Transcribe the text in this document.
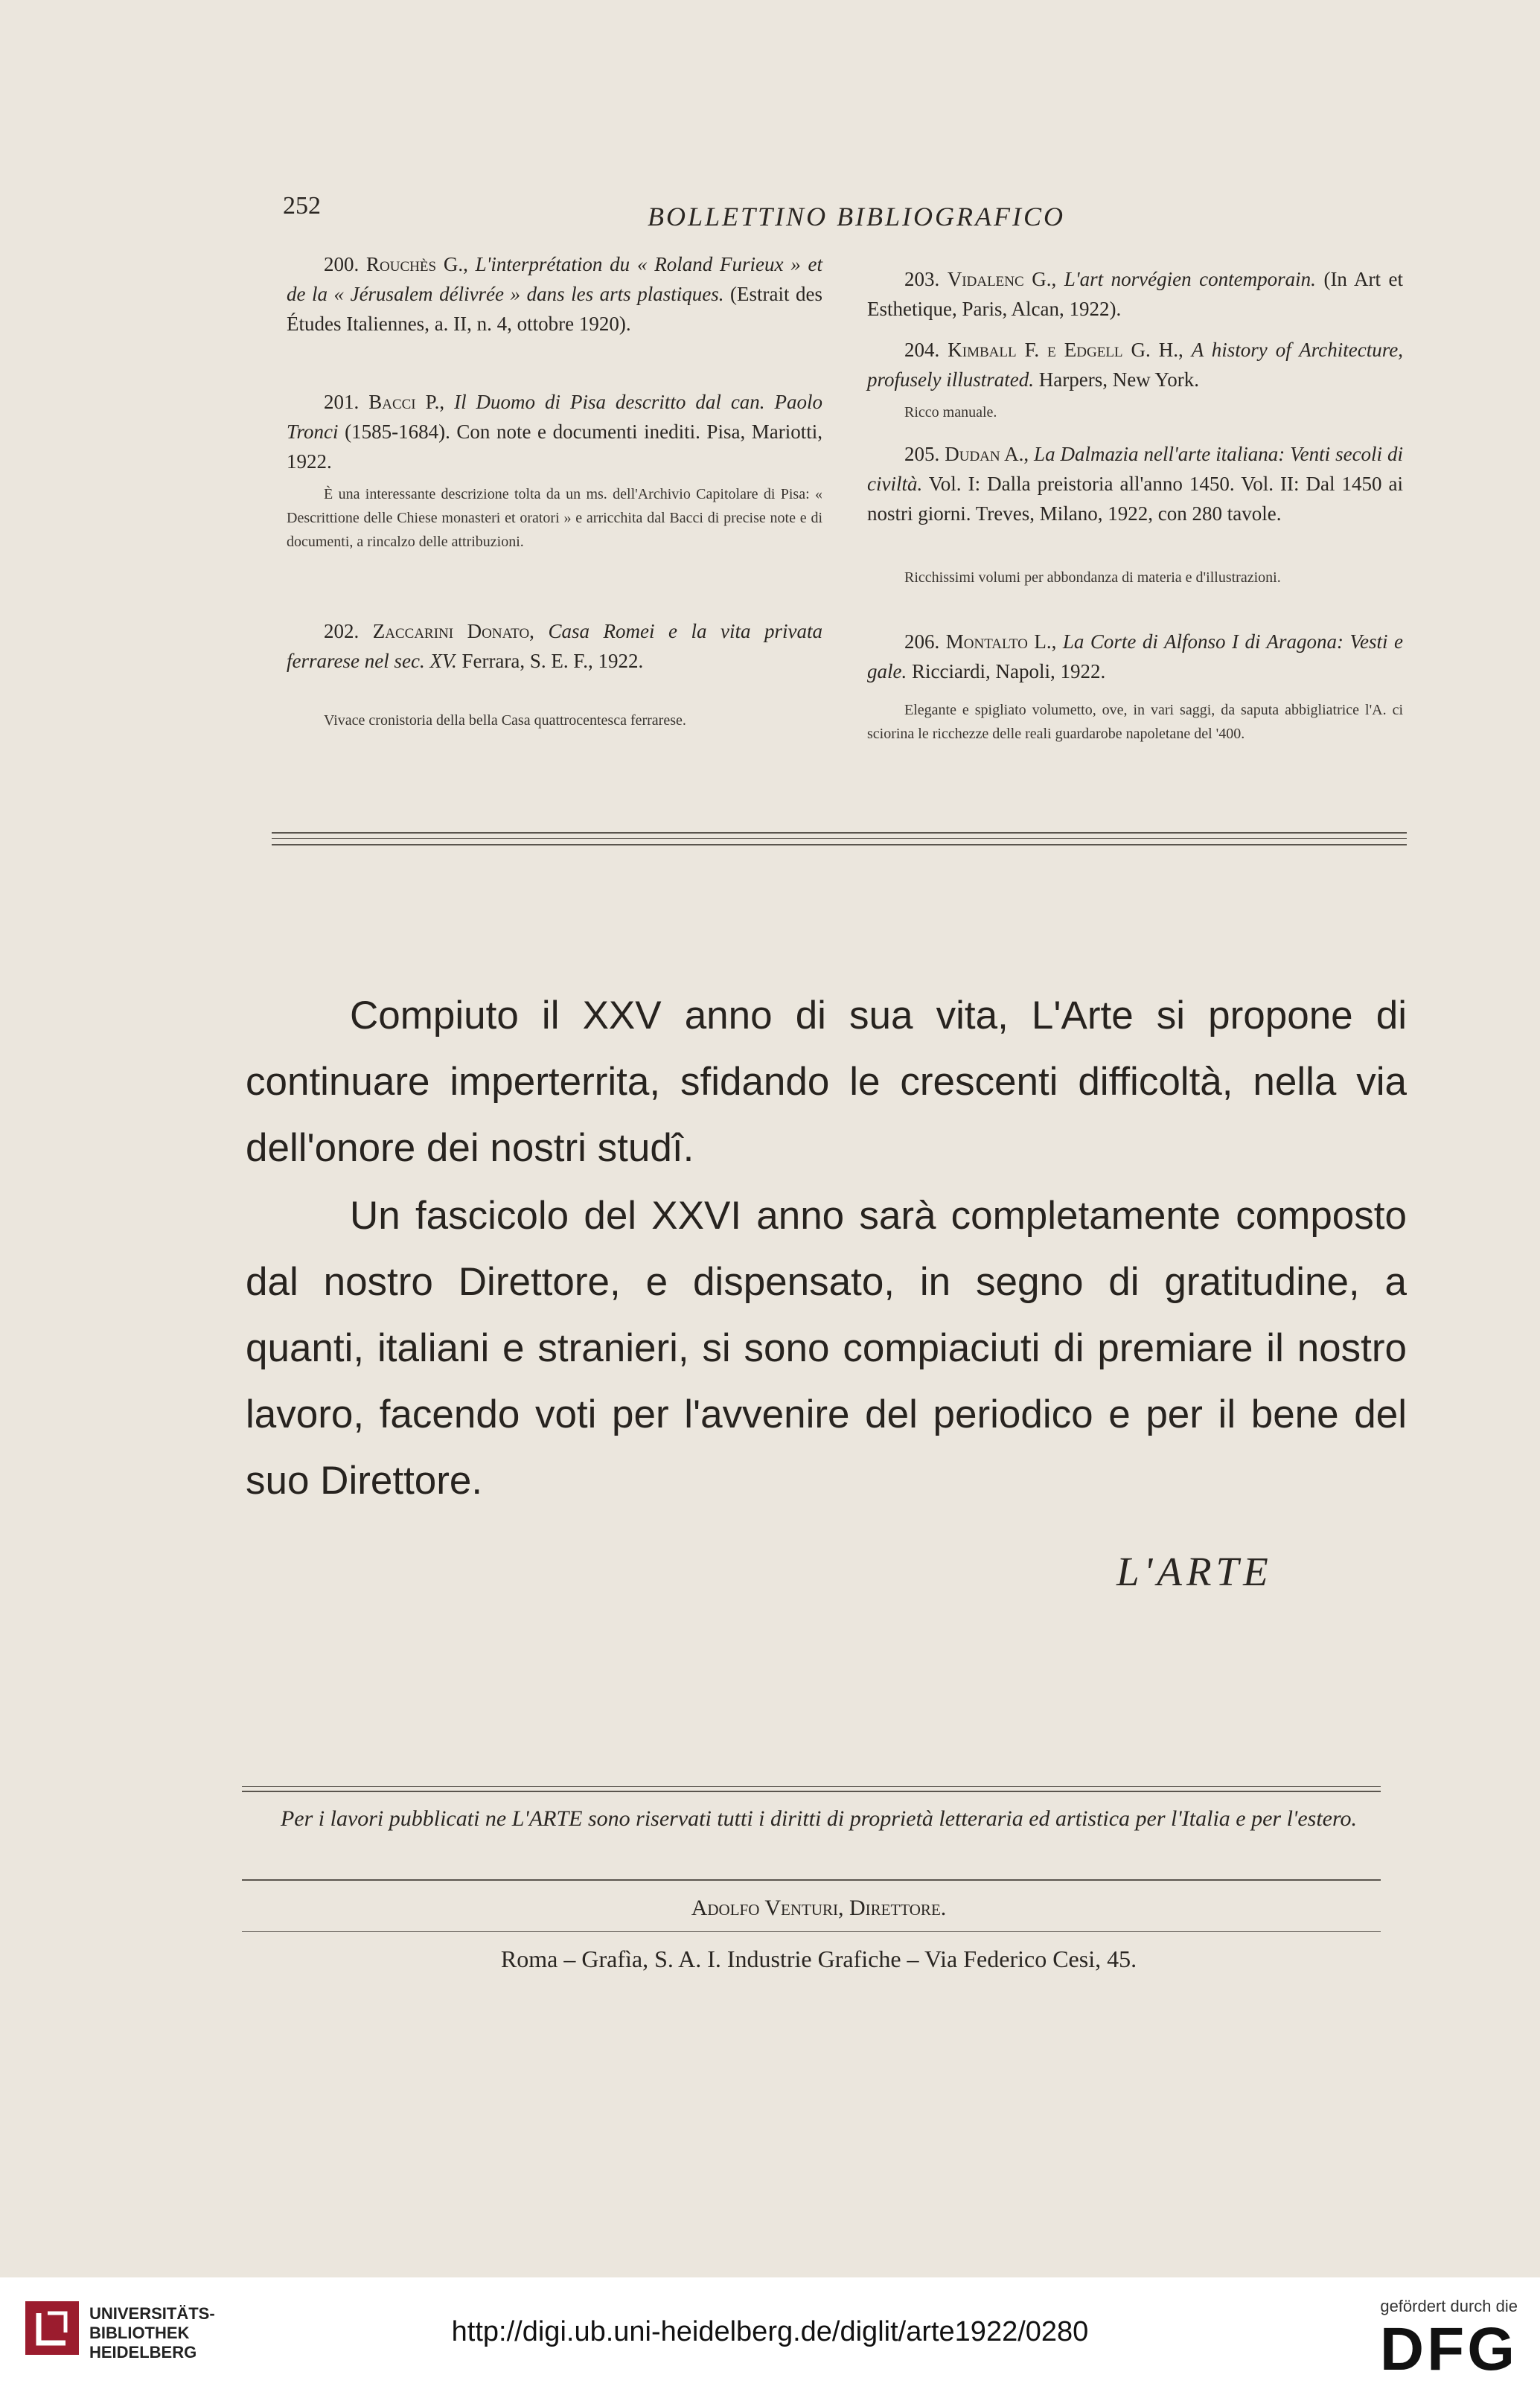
252	BOLLETTINO BIBLIOGRAFICO
200. Rouchès G., L'interprétation du « Roland Furieux » et de la « Jérusalem délivrée » dans les arts plastiques. (Estrait des Études Italiennes, a. II, n. 4, ottobre 1920).
201. Bacci P., Il Duomo di Pisa descritto dal can. Paolo Tronci (1585-1684). Con note e documenti inediti. Pisa, Mariotti, 1922.
È una interessante descrizione tolta da un ms. dell'Archivio Capitolare di Pisa: « Descrittione delle Chiese monasteri et oratori » e arricchita dal Bacci di precise note e di documenti, a rincalzo delle attribuzioni.
202. Zaccarini Donato, Casa Romei e la vita privata ferrarese nel sec. XV. Ferrara, S. E. F., 1922.
Vivace cronistoria della bella Casa quattrocentesca ferrarese.
203. Vidalenc G., L'art norvégien contemporain. (In Art et Esthetique, Paris, Alcan, 1922).
204. Kimball F. e Edgell G. H., A history of Architecture, profusely illustrated. Harpers, New York.
Ricco manuale.
205. Dudan A., La Dalmazia nell'arte italiana: Venti secoli di civiltà. Vol. I: Dalla preistoria all'anno 1450. Vol. II: Dal 1450 ai nostri giorni. Treves, Milano, 1922, con 280 tavole.
Ricchissimi volumi per abbondanza di materia e d'illustrazioni.
206. Montalto L., La Corte di Alfonso I di Aragona: Vesti e gale. Ricciardi, Napoli, 1922.
Elegante e spigliato volumetto, ove, in vari saggi, da saputa abbigliatrice l'A. ci sciorina le ricchezze delle reali guardarobe napoletane del '400.

Compiuto il XXV anno di sua vita, L'Arte si propone di continuare imperterrita, sfidando le crescenti difficoltà, nella via dell'onore dei nostri studî.

Un fascicolo del XXVI anno sarà completamente composto dal nostro Direttore, e dispensato, in segno di gratitudine, a quanti, italiani e stranieri, si sono compiaciuti di premiare il nostro lavoro, facendo voti per l'avvenire del periodico e per il bene del suo Direttore.

L'ARTE
Per i lavori pubblicati ne L'ARTE sono riservati tutti i diritti di proprietà letteraria ed artistica per l'Italia e per l'estero.
Adolfo Venturi, Direttore.
Roma – Grafìa, S. A. I. Industrie Grafiche – Via Federico Cesi, 45.
UNIVERSITÄTS-
BIBLIOTHEK
HEIDELBERG
http://digi.ub.uni-heidelberg.de/diglit/arte1922/0280
gefördert durch die
DFG
